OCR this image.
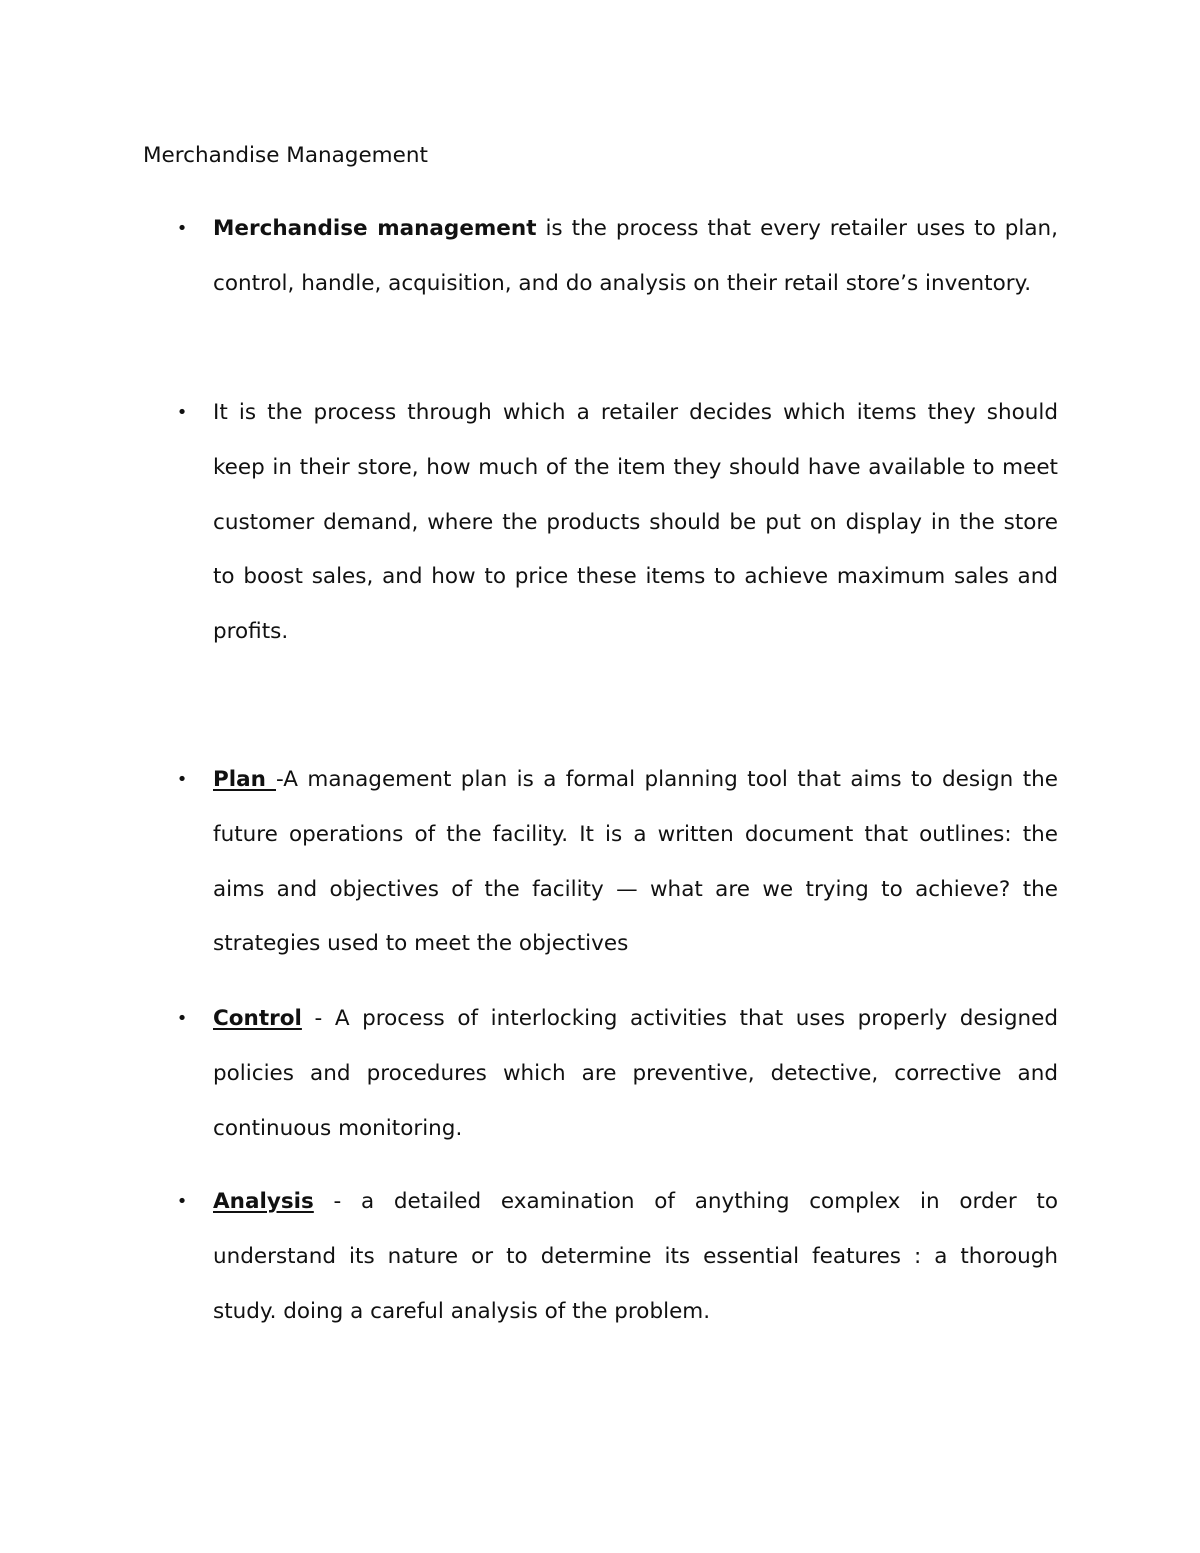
Merchandise Management

• Merchandise management is the process that every retailer uses to plan, control, handle, acquisition, and do analysis on their retail store’s inventory.

• It is the process through which a retailer decides which items they should keep in their store, how much of the item they should have available to meet customer demand, where the products should be put on display in the store to boost sales, and how to price these items to achieve maximum sales and profits.

• Plan -A management plan is a formal planning tool that aims to design the future operations of the facility. It is a written document that outlines: the aims and objectives of the facility — what are we trying to achieve? the strategies used to meet the objectives

• Control - A process of interlocking activities that uses properly designed policies and procedures which are preventive, detective, corrective and continuous monitoring.

• Analysis - a detailed examination of anything complex in order to understand its nature or to determine its essential features : a thorough study. doing a careful analysis of the problem.
